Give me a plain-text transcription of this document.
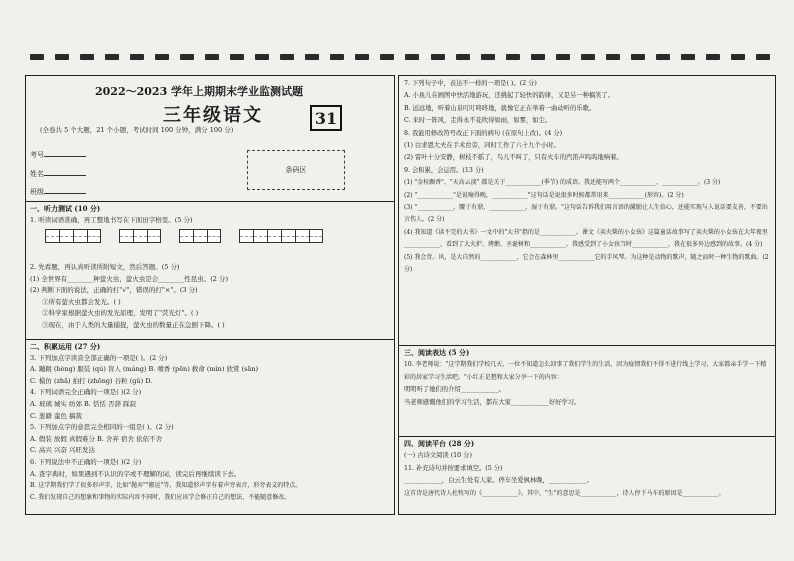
2022～2023 学年上期期末学业监测试题
三年级语文	31
(全卷共 5 个大题，21 个小题，考试时间 100 分钟，满分 100 分)
考号
姓名
班级
条码区
一、听力测试 (10 分)
1. 听读词语准确，再工整地书写在下面田字格里。(5 分)
2. 先看题，再认真听读所附短文，然后答题。(5 分)
(1) 全世界有________种萤火虫，萤火虫是会________性昆虫。(2 分)
(2) 判断下面的说法，正确的打"√"，错误的打"×"。(3 分)
①所有萤火虫都会发光。( )
②科学家根据萤火虫的发光原理，发明了"荧光灯"。( )
③现在，由于人类的大量捕捉，萤火虫的数量正在急剧下降。( )
二、积累运用 (27 分)
3. 下列加点字读音全部正确的一项是( )。(2 分)
A. 蹦跳 (bèng) 服装 (qú) 盲人 (máng) B. 喷香 (pēn) 救命 (mìn) 欣赏 (sǎn)
C. 模仿 (zhǎ) 拍打 (zhōng) 谷粒 (ɡǔ) D.
4. 下列词语完全正确的一项是( )(2 分)
A. 玻璃 城实 纺郊 B. 恬恬 否辞 踩寂
C. 葱籍 蛮色 搞裁
5. 下列加点字的意思完全相同的一组是( )。(2 分)
A. 假装 放假 真假难分 B. 舍弃 宿舍 依依不舍
C. 高兴 兴奋 兴旺发达
6. 下列说法中不正确的一项是( )(2 分)
A. 查字典时，如果遇到不认识的字或不理解的词，读完后再继续读下去。
B. 这学期我们学了很多形声字，比如"抛弃""搬运"等，我知道形声字有着声旁表音，形旁表义的特点。
C. 我们发现自己的想象和事物的实际内容不同时，我们应该学会修正自己的想法，不能随意修改。
7. 下列句子中，表达不一样的一项是( )。(2 分)
A. 小鱼儿在画图中快活地游玩，还挑起了轻快的韵律，又是另一种搞笑了。
B. 远远地，听着山泉叮叮咚咚地，就像它正在举着一曲动听的乐歌。
C. 来时一阵风，走得永不花吹得如雨，如雾，如尘。
8. 我能用修改符号改正下面的病句 (在原句上改)。(4 分)
(1) 白求恩大夫在手术台旁，同时工作了六十九个小时。
(2) 雷叶十分安静，树枝不摇了，鸟儿不叫了，只有火车的汽笛声呜呜地响着。
9. 会积累，会运用。(13 分)
(1) "金桂飘香"、"天高云淡" 都是关于____________(季节) 的成语。我还能写两个____________、____________。(3 分)
(2) "____________"是说喻得晚，____________"这句话是说很多时候都常用来____________(形容)。(2 分)
(3) "____________，腰于有鼎，____________，湿于有鼎。"这句话告诉我们用言语的激励让人生信心，还能实现与人说话要友善，不要出言伤人。(2 分)
(4) 我知道《读不完的大书》一文中的"大书"指的是____________。课文《卖火柴的小女孩》这篇童话故事写了卖火柴的小女孩在大年夜里____________，看到了大火炉、烤鹅、圣诞树和____________。我感受到了小女孩当时____________，我在很多外边感到的故事。(4 分)
(5) 我会背。风，是大自然的____________，它会在森林里____________它的手风琴。为这种是动物的歌声，随之而时一种生物的歌曲。(2 分)
三、阅读表达 (5 分)
10. 李老师说："这学期我们学校几天，一位不知道怎么回事了我们学生的生活，因为疫情我们不得不进行线上学习，大家都亲手学一下精彩的居家学习生活吧。"小红正是想和大家分享一下的内容：
明明听了她们的介绍____________。
当老师感慨他们的学习生活，都在大家____________好好学习。
四、阅读平台 (28 分)
(一) 古诗文阅读 (10 分)
11. 补充诗句并按要求填空。(5 分)
____________，白云生处有人家。停车坐爱枫林晚，____________。
这首诗是唐代诗人杜牧写的《____________》。其中，"生"的意思是____________，诗人停下马车的原因是____________。
